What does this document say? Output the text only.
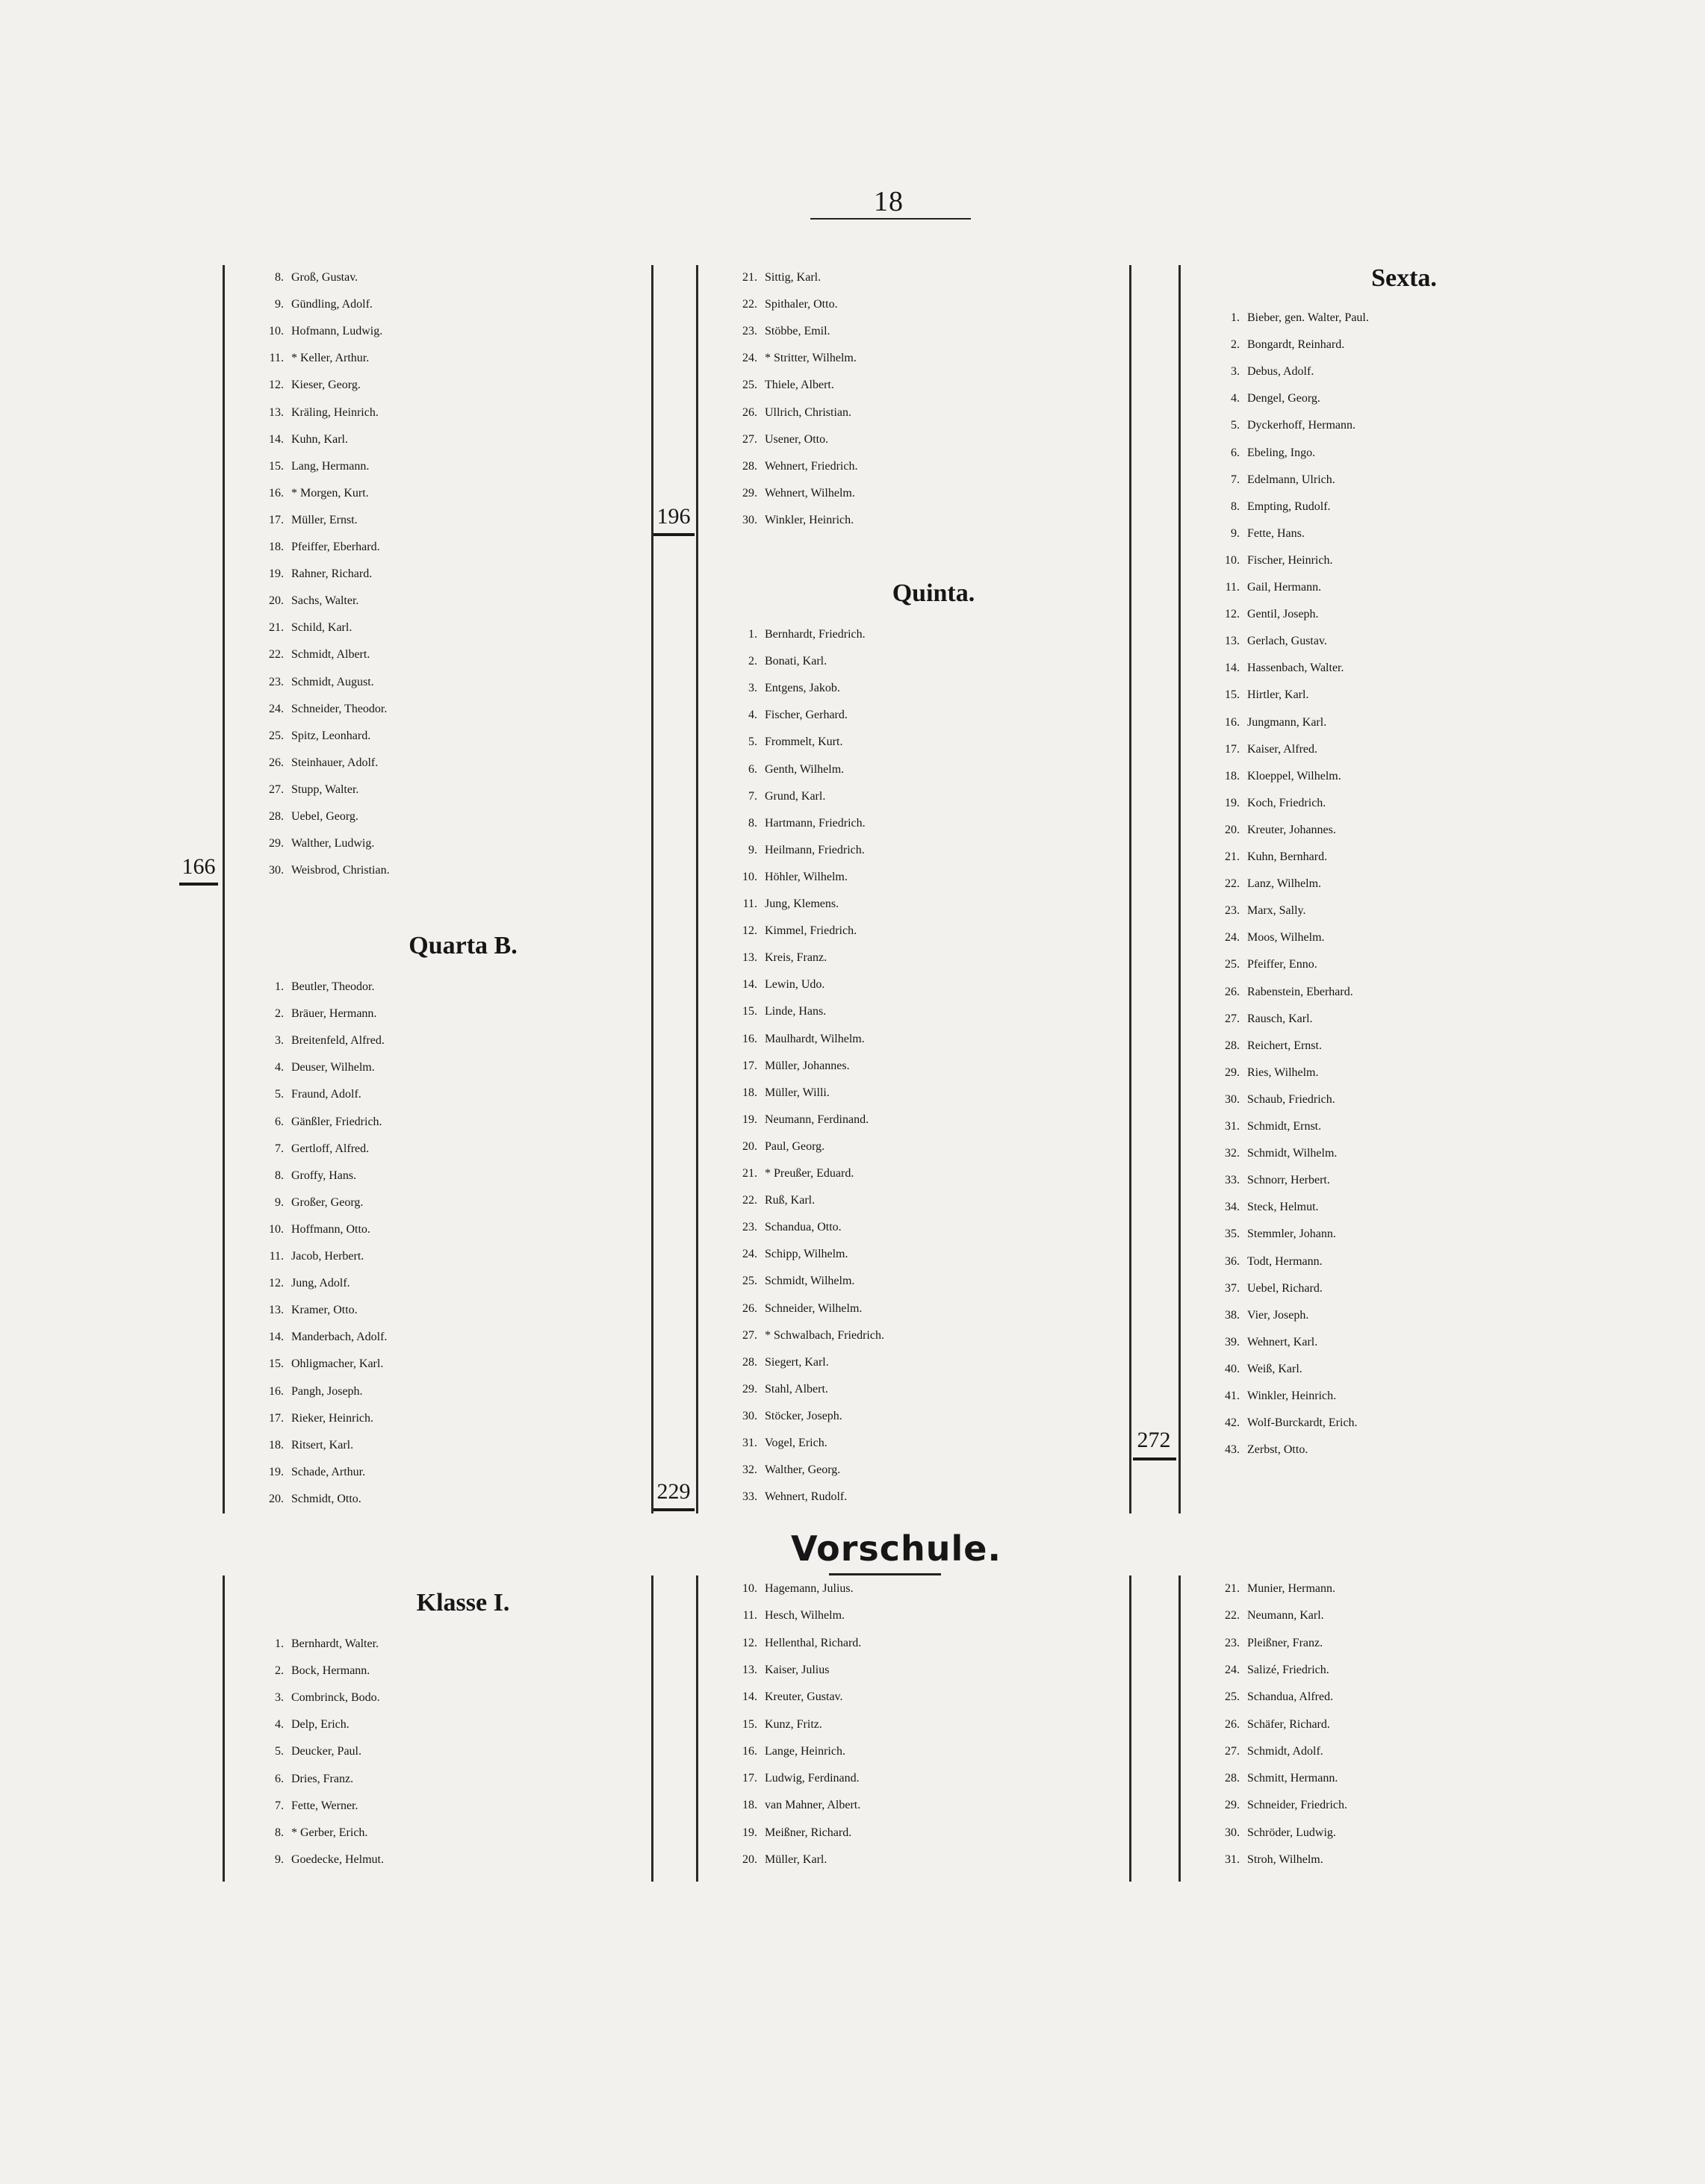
18
166
Quarta B.
Klasse I.
196
Quinta.
229
Vorschule.
Sexta.
272
8. Groß, Gustav.
9. Gündling, Adolf.
10. Hofmann, Ludwig.
11. * Keller, Arthur.
12. Kieser, Georg.
13. Kräling, Heinrich.
14. Kuhn, Karl.
15. Lang, Hermann.
16. * Morgen, Kurt.
17. Müller, Ernst.
18. Pfeiffer, Eberhard.
19. Rahner, Richard.
20. Sachs, Walter.
21. Schild, Karl.
22. Schmidt, Albert.
23. Schmidt, August.
24. Schneider, Theodor.
25. Spitz, Leonhard.
26. Steinhauer, Adolf.
27. Stupp, Walter.
28. Uebel, Georg.
29. Walther, Ludwig.
30. Weisbrod, Christian.
1. Beutler, Theodor.
2. Bräuer, Hermann.
3. Breitenfeld, Alfred.
4. Deuser, Wilhelm.
5. Fraund, Adolf.
6. Gänßler, Friedrich.
7. Gertloff, Alfred.
8. Groffy, Hans.
9. Großer, Georg.
10. Hoffmann, Otto.
11. Jacob, Herbert.
12. Jung, Adolf.
13. Kramer, Otto.
14. Manderbach, Adolf.
15. Ohligmacher, Karl.
16. Pangh, Joseph.
17. Rieker, Heinrich.
18. Ritsert, Karl.
19. Schade, Arthur.
20. Schmidt, Otto.
1. Bernhardt, Walter.
2. Bock, Hermann.
3. Combrinck, Bodo.
4. Delp, Erich.
5. Deucker, Paul.
6. Dries, Franz.
7. Fette, Werner.
8. * Gerber, Erich.
9. Goedecke, Helmut.
21. Sittig, Karl.
22. Spithaler, Otto.
23. Stöbbe, Emil.
24. * Stritter, Wilhelm.
25. Thiele, Albert.
26. Ullrich, Christian.
27. Usener, Otto.
28. Wehnert, Friedrich.
29. Wehnert, Wilhelm.
30. Winkler, Heinrich.
1. Bernhardt, Friedrich.
2. Bonati, Karl.
3. Entgens, Jakob.
4. Fischer, Gerhard.
5. Frommelt, Kurt.
6. Genth, Wilhelm.
7. Grund, Karl.
8. Hartmann, Friedrich.
9. Heilmann, Friedrich.
10. Höhler, Wilhelm.
11. Jung, Klemens.
12. Kimmel, Friedrich.
13. Kreis, Franz.
14. Lewin, Udo.
15. Linde, Hans.
16. Maulhardt, Wilhelm.
17. Müller, Johannes.
18. Müller, Willi.
19. Neumann, Ferdinand.
20. Paul, Georg.
21. * Preußer, Eduard.
22. Ruß, Karl.
23. Schandua, Otto.
24. Schipp, Wilhelm.
25. Schmidt, Wilhelm.
26. Schneider, Wilhelm.
27. * Schwalbach, Friedrich.
28. Siegert, Karl.
29. Stahl, Albert.
30. Stöcker, Joseph.
31. Vogel, Erich.
32. Walther, Georg.
33. Wehnert, Rudolf.
10. Hagemann, Julius.
11. Hesch, Wilhelm.
12. Hellenthal, Richard.
13. Kaiser, Julius
14. Kreuter, Gustav.
15. Kunz, Fritz.
16. Lange, Heinrich.
17. Ludwig, Ferdinand.
18. van Mahner, Albert.
19. Meißner, Richard.
20. Müller, Karl.
1. Bieber, gen. Walter, Paul.
2. Bongardt, Reinhard.
3. Debus, Adolf.
4. Dengel, Georg.
5. Dyckerhoff, Hermann.
6. Ebeling, Ingo.
7. Edelmann, Ulrich.
8. Empting, Rudolf.
9. Fette, Hans.
10. Fischer, Heinrich.
11. Gail, Hermann.
12. Gentil, Joseph.
13. Gerlach, Gustav.
14. Hassenbach, Walter.
15. Hirtler, Karl.
16. Jungmann, Karl.
17. Kaiser, Alfred.
18. Kloeppel, Wilhelm.
19. Koch, Friedrich.
20. Kreuter, Johannes.
21. Kuhn, Bernhard.
22. Lanz, Wilhelm.
23. Marx, Sally.
24. Moos, Wilhelm.
25. Pfeiffer, Enno.
26. Rabenstein, Eberhard.
27. Rausch, Karl.
28. Reichert, Ernst.
29. Ries, Wilhelm.
30. Schaub, Friedrich.
31. Schmidt, Ernst.
32. Schmidt, Wilhelm.
33. Schnorr, Herbert.
34. Steck, Helmut.
35. Stemmler, Johann.
36. Todt, Hermann.
37. Uebel, Richard.
38. Vier, Joseph.
39. Wehnert, Karl.
40. Weiß, Karl.
41. Winkler, Heinrich.
42. Wolf-Burckardt, Erich.
43. Zerbst, Otto.
21. Munier, Hermann.
22. Neumann, Karl.
23. Pleißner, Franz.
24. Salizé, Friedrich.
25. Schandua, Alfred.
26. Schäfer, Richard.
27. Schmidt, Adolf.
28. Schmitt, Hermann.
29. Schneider, Friedrich.
30. Schröder, Ludwig.
31. Stroh, Wilhelm.
